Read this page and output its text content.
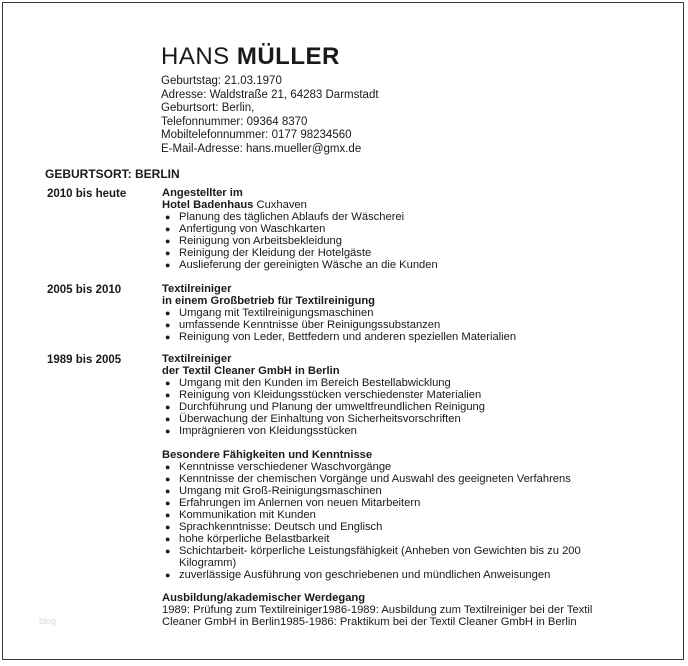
HANS MÜLLER
Geburtstag: 21.03.1970
Adresse: Waldstraße 21, 64283 Darmstadt
Geburtsort: Berlin,
Telefonnummer: 09364 8370
Mobiltelefonnummer: 0177 98234560
E-Mail-Adresse: hans.mueller@gmx.de
GEBURTSORT: BERLIN
2010 bis heute	Angestellter im
Hotel Badenhaus Cuxhaven
● Planung des täglichen Ablaufs der Wäscherei
● Anfertigung von Waschkarten
● Reinigung von Arbeitsbekleidung
● Reinigung der Kleidung der Hotelgäste
● Auslieferung der gereinigten Wäsche an die Kunden
2005 bis 2010	Textilreiniger
in einem Großbetrieb für Textilreinigung
● Umgang mit Textilreinigungsmaschinen
● umfassende Kenntnisse über Reinigungssubstanzen
● Reinigung von Leder, Bettfedern und anderen speziellen Materialien
1989 bis 2005	Textilreiniger
der Textil Cleaner GmbH in Berlin
● Umgang mit den Kunden im Bereich Bestellabwicklung
● Reinigung von Kleidungsstücken verschiedenster Materialien
● Durchführung und Planung der umweltfreundlichen Reinigung
● Überwachung der Einhaltung von Sicherheitsvorschriften
● Imprägnieren von Kleidungsstücken
Besondere Fähigkeiten und Kenntnisse
● Kenntnisse verschiedener Waschvorgänge
● Kenntnisse der chemischen Vorgänge und Auswahl des geeigneten Verfahrens
● Umgang mit Groß-Reinigungsmaschinen
● Erfahrungen im Anlernen von neuen Mitarbeitern
● Kommunikation mit Kunden
● Sprachkenntnisse: Deutsch und Englisch
● hohe körperliche Belastbarkeit
● Schichtarbeit- körperliche Leistungsfähigkeit (Anheben von Gewichten bis zu 200 Kilogramm)
● zuverlässige Ausführung von geschriebenen und mündlichen Anweisungen
Ausbildung/akademischer Werdegang
1989: Prüfung zum Textilreiniger1986-1989: Ausbildung zum Textilreiniger bei der Textil Cleaner GmbH in Berlin1985-1986: Praktikum bei der Textil Cleaner GmbH in Berlin
blog
